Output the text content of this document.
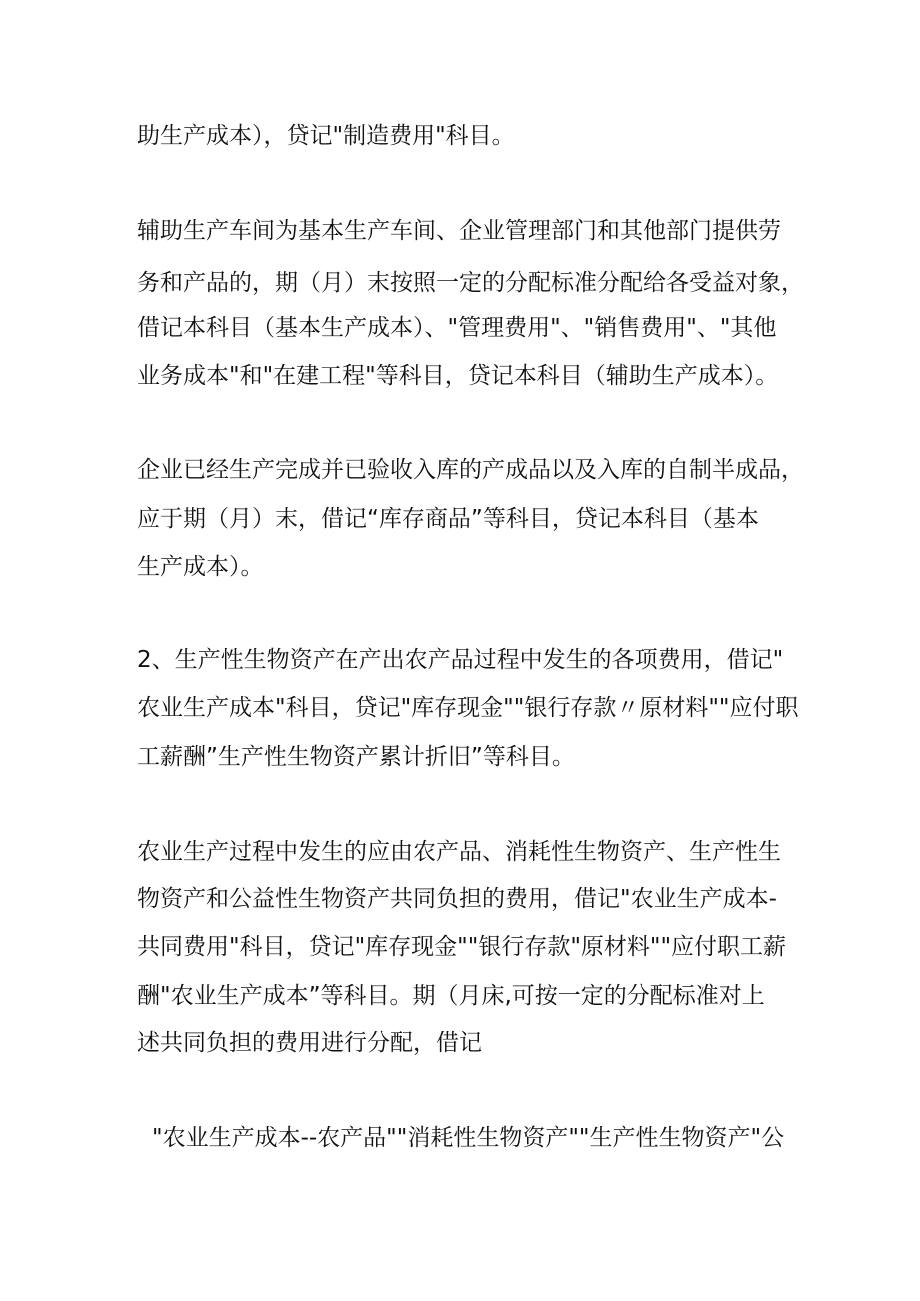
助生产成本），贷记"制造费用"科目。
辅助生产车间为基本生产车间、企业管理部门和其他部门提供劳
务和产品的，期（月）末按照一定的分配标准分配给各受益对象，
借记本科目（基本生产成本）、"管理费用"、"销售费用"、"其他
业务成本"和"在建工程"等科目，贷记本科目（辅助生产成本）。
企业已经生产完成并已验收入库的产成品以及入库的自制半成品，
应于期（月）末，借记“库存商品”等科目，贷记本科目（基本
生产成本）。
2、生产性生物资产在产出农产品过程中发生的各项费用，借记"
农业生产成本"科目，贷记"库存现金""银行存款〃原材料""应付职
工薪酬”生产性生物资产累计折旧”等科目。
农业生产过程中发生的应由农产品、消耗性生物资产、生产性生
物资产和公益性生物资产共同负担的费用，借记"农业生产成本-
共同费用"科目，贷记"库存现金""银行存款"原材料""应付职工薪
酬"农业生产成本”等科目。期（月床,可按一定的分配标准对上
述共同负担的费用进行分配，借记
"农业生产成本--农产品""消耗性生物资产""生产性生物资产"公
